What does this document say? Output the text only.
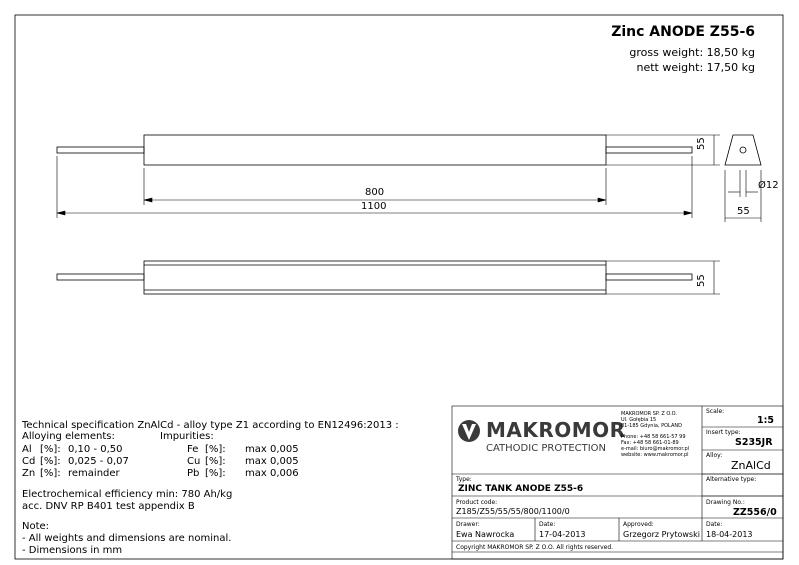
Zinc ANODE Z55-6
gross weight: 18,50 kg
nett weight: 17,50 kg
800
1100
55
55
Ø12
55
Technical specification ZnAlCd - alloy type Z1 according to EN12496:2013 :
Alloying elements:	Impurities:
Al [%]: 0,10 - 0,50
Cd [%]: 0,025 - 0,07
Zn [%]: remainder
Fe [%]: max 0,005
Cu [%]: max 0,005
Pb [%]: max 0,006
Electrochemical efficiency min: 780 Ah/kg
acc. DNV RP B401 test appendix B
Note:
- All weights and dimensions are nominal.
- Dimensions in mm
MAKROMOR
CATHODIC PROTECTION
MAKROMOR SP. Z O.O.
Ul. Gołębia 15
81-185 Gdynia, POLAND
Phone: +48 58 661-57 99
Fax: +48 58 661-01-89
e-mail: biuro@makromor.pl
website: www.makromor.pl
Scale:
1:5
Insert type:
S235JR
Alloy:
ZnAlCd
Alternative type:
Type:
ZINC TANK ANODE Z55-6
Product code:
Z185/Z55/55/55/800/1100/0
Drawing No.:
ZZ556/0
Drawer:
Ewa Nawrocka
Date:
17-04-2013
Approved:
Grzegorz Prytowski
Date:
18-04-2013
Copyright MAKROMOR SP. Z O.O. All rights reserved.
